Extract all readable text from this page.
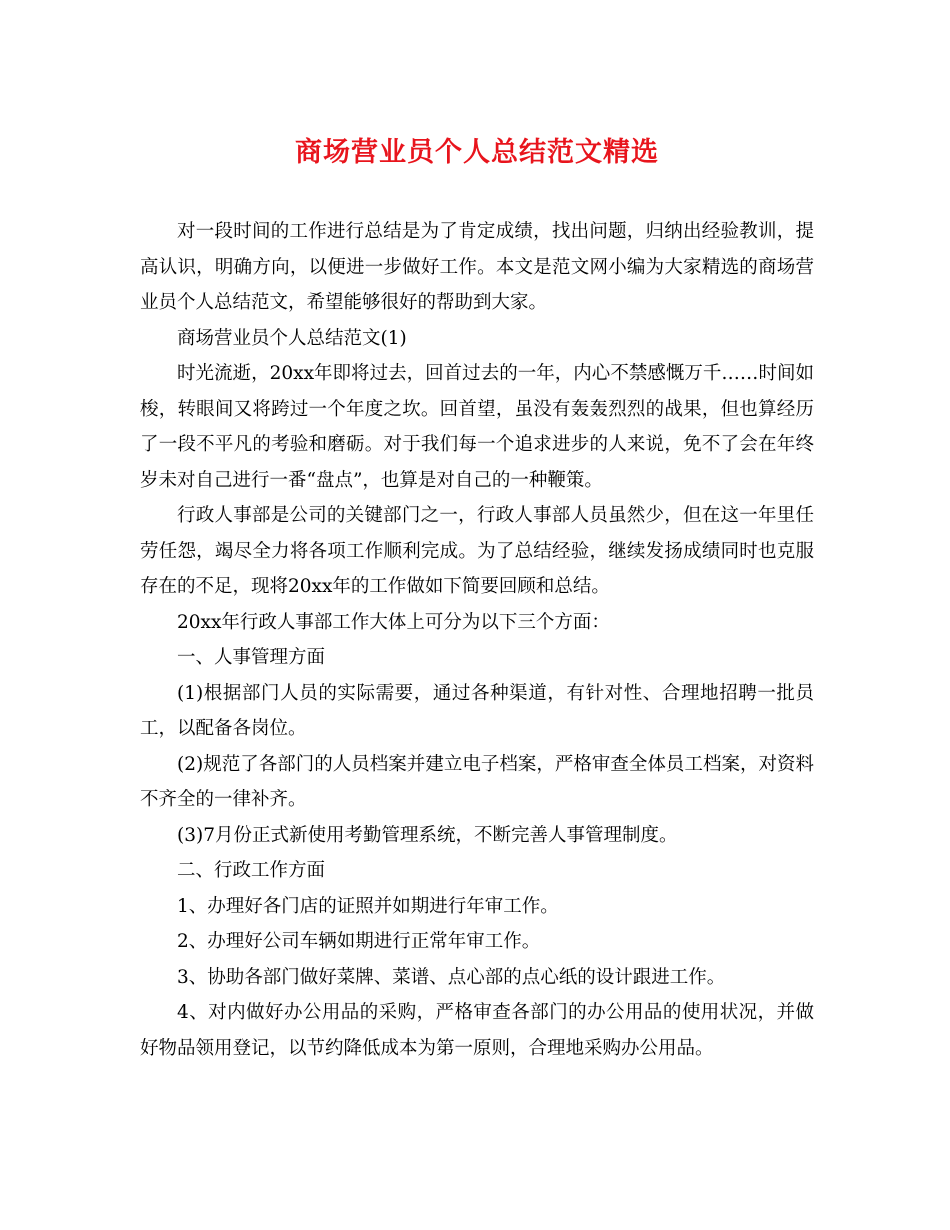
商场营业员个人总结范文精选

对一段时间的工作进行总结是为了肯定成绩，找出问题，归纳出经验教训，提高认识，明确方向，以便进一步做好工作。本文是范文网小编为大家精选的商场营业员个人总结范文，希望能够很好的帮助到大家。

商场营业员个人总结范文(1)

时光流逝，20xx年即将过去，回首过去的一年，内心不禁感慨万千……时间如梭，转眼间又将跨过一个年度之坎。回首望，虽没有轰轰烈烈的战果，但也算经历了一段不平凡的考验和磨砺。对于我们每一个追求进步的人来说，免不了会在年终岁未对自己进行一番“盘点”，也算是对自己的一种鞭策。

行政人事部是公司的关键部门之一，行政人事部人员虽然少，但在这一年里任劳任怨，竭尽全力将各项工作顺利完成。为了总结经验，继续发扬成绩同时也克服存在的不足，现将20xx年的工作做如下简要回顾和总结。

20xx年行政人事部工作大体上可分为以下三个方面：

一、人事管理方面

(1)根据部门人员的实际需要，通过各种渠道，有针对性、合理地招聘一批员工，以配备各岗位。

(2)规范了各部门的人员档案并建立电子档案，严格审查全体员工档案，对资料不齐全的一律补齐。

(3)7月份正式新使用考勤管理系统，不断完善人事管理制度。

二、行政工作方面

1、办理好各门店的证照并如期进行年审工作。

2、办理好公司车辆如期进行正常年审工作。

3、协助各部门做好菜牌、菜谱、点心部的点心纸的设计跟进工作。

4、对内做好办公用品的采购，严格审查各部门的办公用品的使用状况，并做好物品领用登记，以节约降低成本为第一原则，合理地采购办公用品。
